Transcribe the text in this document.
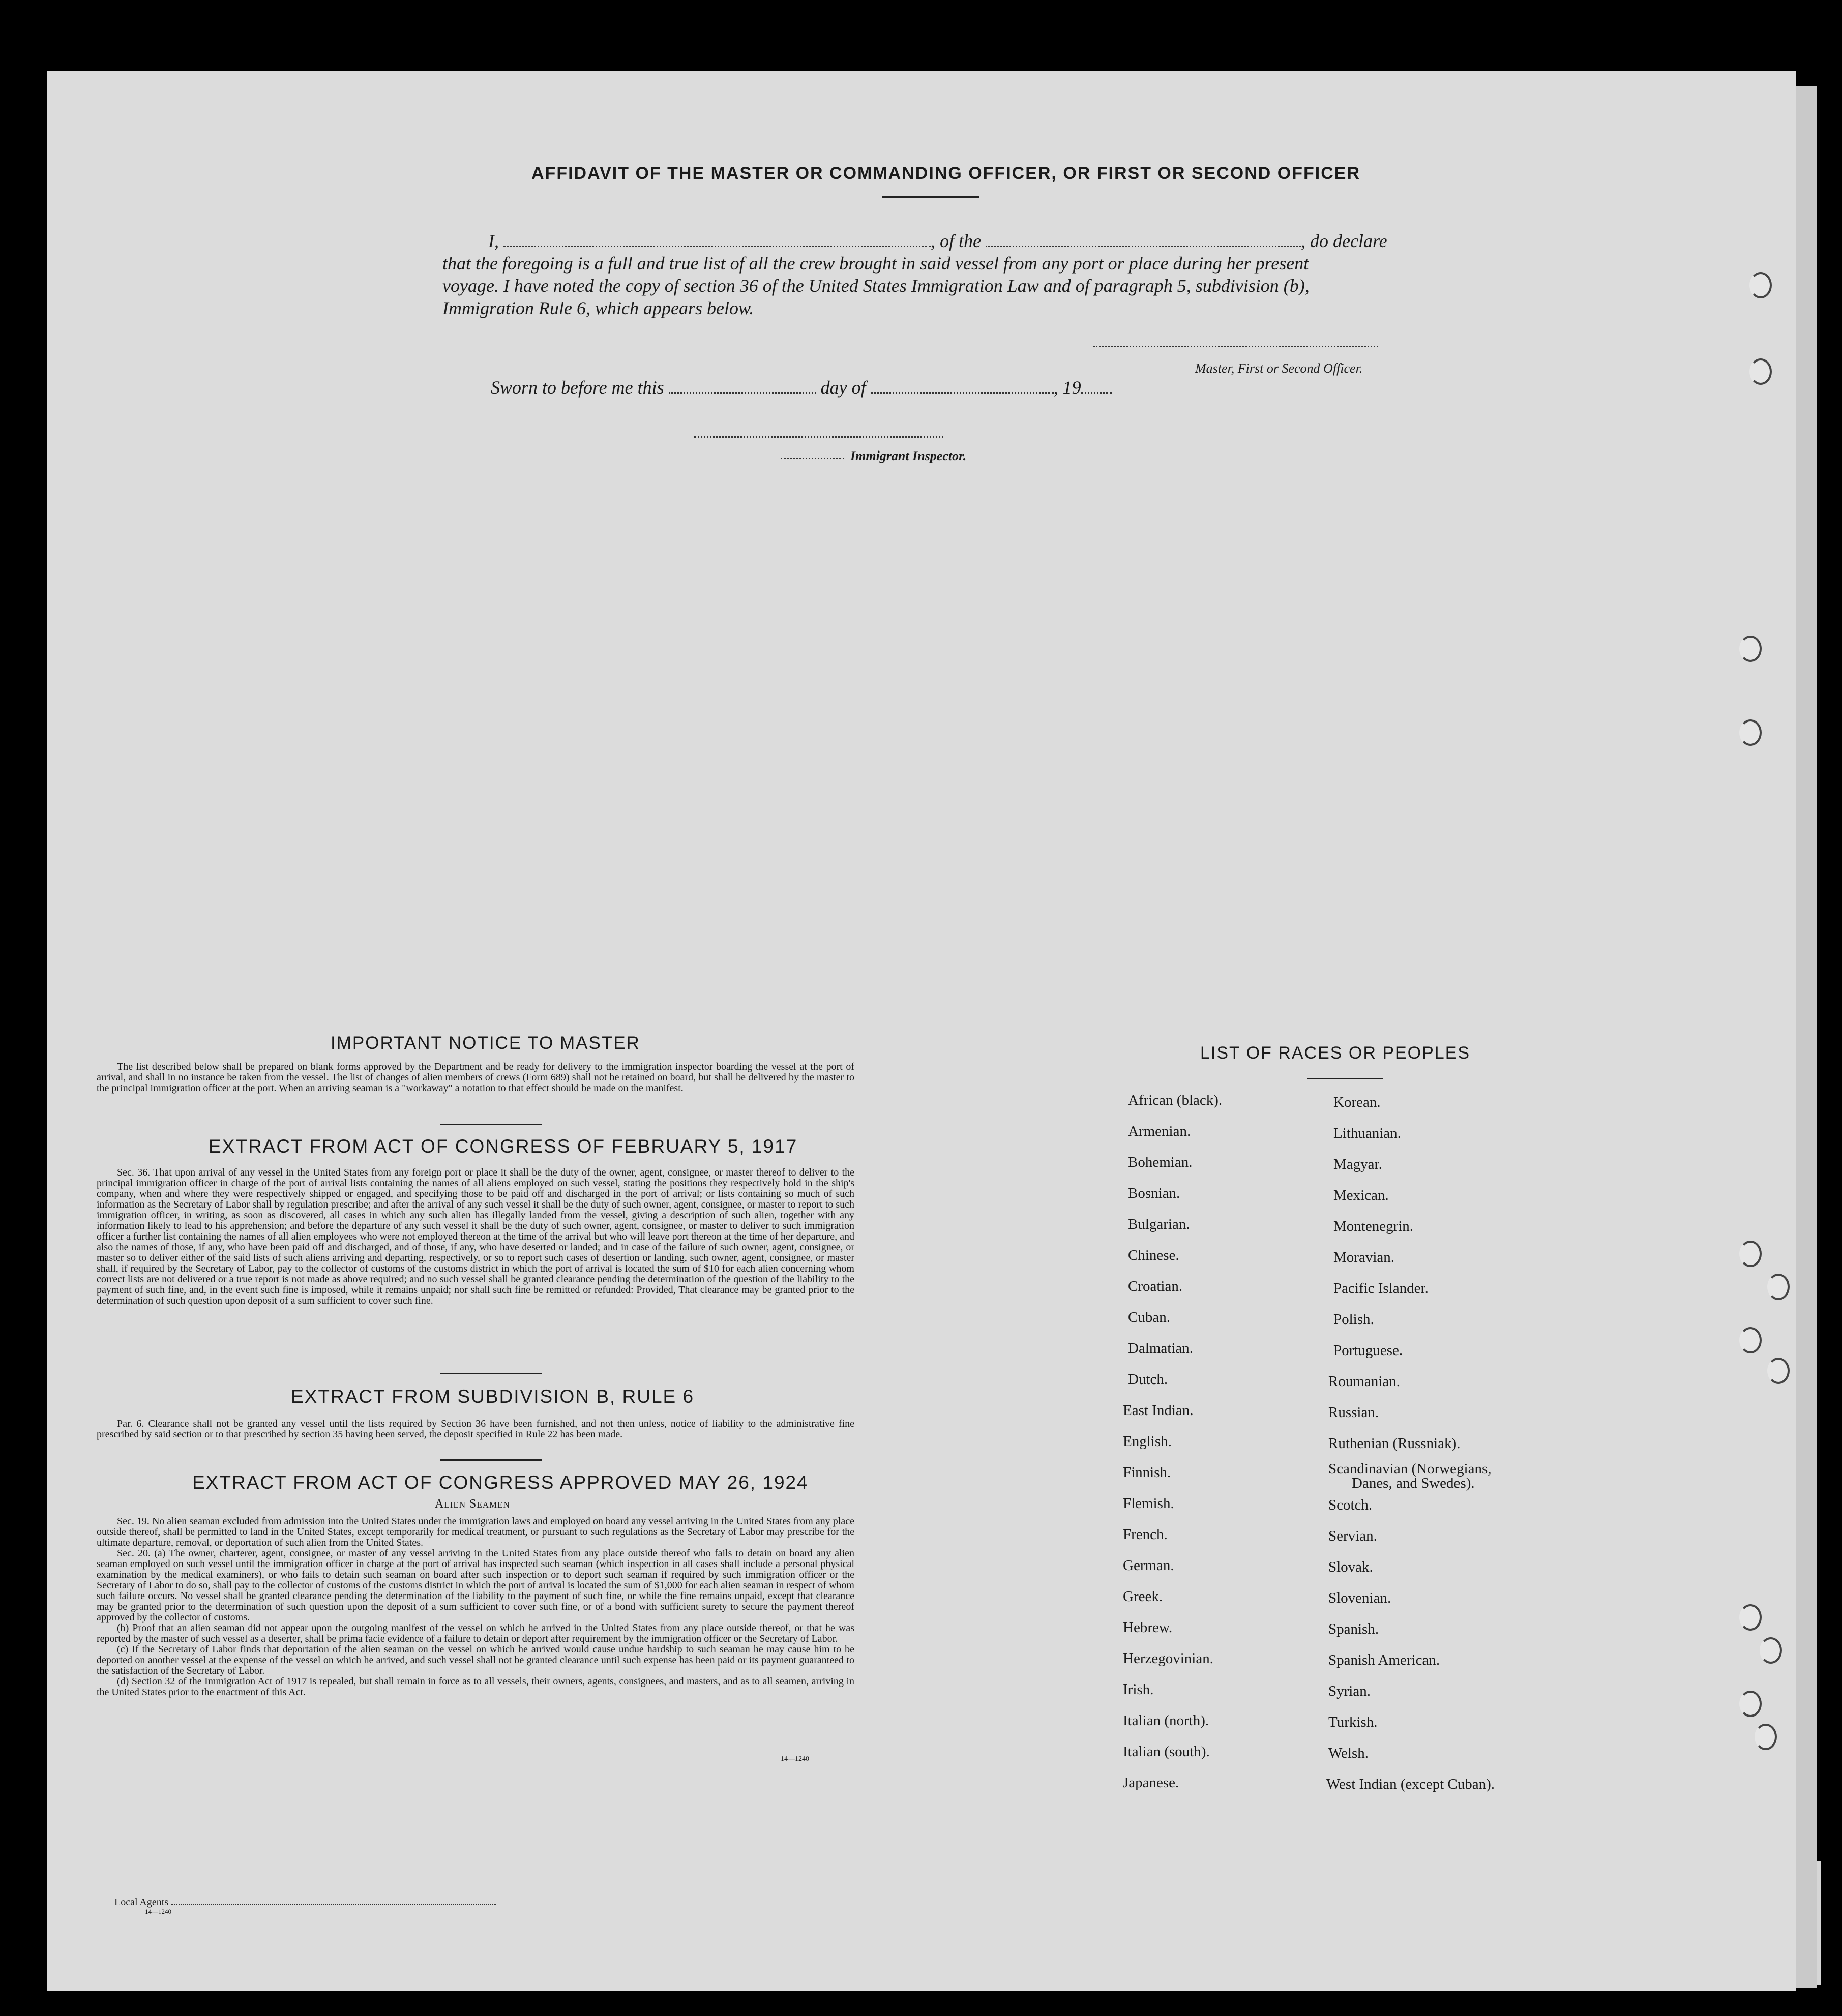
AFFIDAVIT OF THE MASTER OR COMMANDING OFFICER, OR FIRST OR SECOND OFFICER
I,	, of the	, do declare
that the foregoing is a full and true list of all the crew brought in said vessel from any port or place during her present
voyage. I have noted the copy of section 36 of the United States Immigration Law and of paragraph 5, subdivision (b),
Immigration Rule 6, which appears below.
Master, First or Second Officer.
Sworn to before me this	day of	, 19
Immigrant Inspector.
IMPORTANT NOTICE TO MASTER

The list described below shall be prepared on blank forms approved by the Department and be ready for delivery to the immigration inspector boarding the vessel at the port of arrival, and shall in no instance be taken from the vessel. The list of changes of alien members of crews (Form 689) shall not be retained on board, but shall be delivered by the master to the principal immigration officer at the port. When an arriving seaman is a "workaway" a notation to that effect should be made on the manifest.

EXTRACT FROM ACT OF CONGRESS OF FEBRUARY 5, 1917

Sec. 36. That upon arrival of any vessel in the United States from any foreign port or place it shall be the duty of the owner, agent, consignee, or master thereof to deliver to the principal immigration officer in charge of the port of arrival lists containing the names of all aliens employed on such vessel, stating the positions they respectively hold in the ship's company, when and where they were respectively shipped or engaged, and specifying those to be paid off and discharged in the port of arrival; or lists containing so much of such information as the Secretary of Labor shall by regulation prescribe; and after the arrival of any such vessel it shall be the duty of such owner, agent, consignee, or master to report to such immigration officer, in writing, as soon as discovered, all cases in which any such alien has illegally landed from the vessel, giving a description of such alien, together with any information likely to lead to his apprehension; and before the departure of any such vessel it shall be the duty of such owner, agent, consignee, or master to deliver to such immigration officer a further list containing the names of all alien employees who were not employed thereon at the time of the arrival but who will leave port thereon at the time of her departure, and also the names of those, if any, who have been paid off and discharged, and of those, if any, who have deserted or landed; and in case of the failure of such owner, agent, consignee, or master so to deliver either of the said lists of such aliens arriving and departing, respectively, or so to report such cases of desertion or landing, such owner, agent, consignee, or master shall, if required by the Secretary of Labor, pay to the collector of customs of the customs district in which the port of arrival is located the sum of $10 for each alien concerning whom correct lists are not delivered or a true report is not made as above required; and no such vessel shall be granted clearance pending the determination of the question of the liability to the payment of such fine, and, in the event such fine is imposed, while it remains unpaid; nor shall such fine be remitted or refunded: Provided, That clearance may be granted prior to the determination of such question upon deposit of a sum sufficient to cover such fine.

EXTRACT FROM SUBDIVISION B, RULE 6

Par. 6. Clearance shall not be granted any vessel until the lists required by Section 36 have been furnished, and not then unless, notice of liability to the administrative fine prescribed by said section or to that prescribed by section 35 having been served, the deposit specified in Rule 22 has been made.

EXTRACT FROM ACT OF CONGRESS APPROVED MAY 26, 1924
Alien Seamen

Sec. 19. No alien seaman excluded from admission into the United States under the immigration laws and employed on board any vessel arriving in the United States from any place outside thereof, shall be permitted to land in the United States, except temporarily for medical treatment, or pursuant to such regulations as the Secretary of Labor may prescribe for the ultimate departure, removal, or deportation of such alien from the United States.

Sec. 20. (a) The owner, charterer, agent, consignee, or master of any vessel arriving in the United States from any place outside thereof who fails to detain on board any alien seaman employed on such vessel until the immigration officer in charge at the port of arrival has inspected such seaman (which inspection in all cases shall include a personal physical examination by the medical examiners), or who fails to detain such seaman on board after such inspection or to deport such seaman if required by such immigration officer or the Secretary of Labor to do so, shall pay to the collector of customs of the customs district in which the port of arrival is located the sum of $1,000 for each alien seaman in respect of whom such failure occurs. No vessel shall be granted clearance pending the determination of the liability to the payment of such fine, or while the fine remains unpaid, except that clearance may be granted prior to the determination of such question upon the deposit of a sum sufficient to cover such fine, or of a bond with sufficient surety to secure the payment thereof approved by the collector of customs.

(b) Proof that an alien seaman did not appear upon the outgoing manifest of the vessel on which he arrived in the United States from any place outside thereof, or that he was reported by the master of such vessel as a deserter, shall be prima facie evidence of a failure to detain or deport after requirement by the immigration officer or the Secretary of Labor.

(c) If the Secretary of Labor finds that deportation of the alien seaman on the vessel on which he arrived would cause undue hardship to such seaman he may cause him to be deported on another vessel at the expense of the vessel on which he arrived, and such vessel shall not be granted clearance until such expense has been paid or its payment guaranteed to the satisfaction of the Secretary of Labor.

(d) Section 32 of the Immigration Act of 1917 is repealed, but shall remain in force as to all vessels, their owners, agents, consignees, and masters, and as to all seamen, arriving in the United States prior to the enactment of this Act.

14—1240
LIST OF RACES OR PEOPLES
African (black).
Armenian.
Bohemian.
Bosnian.
Bulgarian.
Chinese.
Croatian.
Cuban.
Dalmatian.
Dutch.
East Indian.
English.
Finnish.
Flemish.
French.
German.
Greek.
Hebrew.
Herzegovinian.
Irish.
Italian (north).
Italian (south).
Japanese.
Korean.
Lithuanian.
Magyar.
Mexican.
Montenegrin.
Moravian.
Pacific Islander.
Polish.
Portuguese.
Roumanian.
Russian.
Ruthenian (Russniak).
Scandinavian (Norwegians,
Danes, and Swedes).
Scotch.
Servian.
Slovak.
Slovenian.
Spanish.
Spanish American.
Syrian.
Turkish.
Welsh.
West Indian (except Cuban).
Local Agents
14—1240
